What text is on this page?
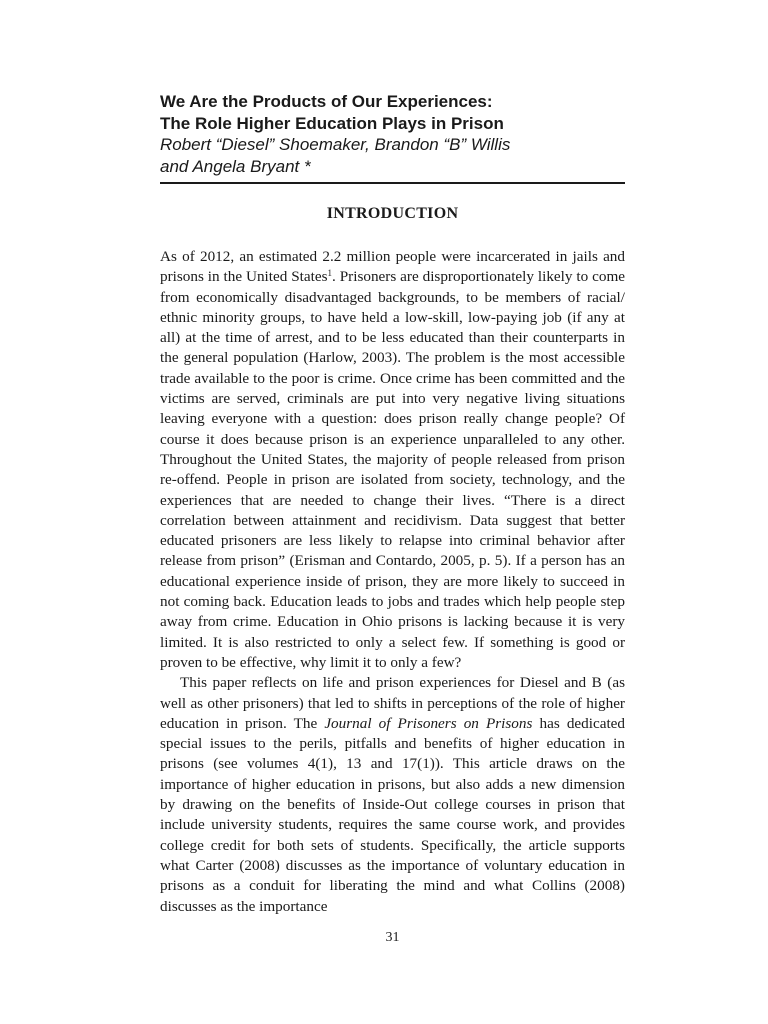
We Are the Products of Our Experiences:
The Role Higher Education Plays in Prison
Robert “Diesel” Shoemaker, Brandon “B” Willis
and Angela Bryant *
INTRODUCTION

As of 2012, an estimated 2.2 million people were incarcerated in jails and prisons in the United States$^1$. Prisoners are disproportionately likely to come from economically disadvantaged backgrounds, to be members of racial/ ethnic minority groups, to have held a low-skill, low-paying job (if any at all) at the time of arrest, and to be less educated than their counterparts in the general population (Harlow, 2003). The problem is the most accessible trade available to the poor is crime. Once crime has been committed and the victims are served, criminals are put into very negative living situations leaving everyone with a question: does prison really change people? Of course it does because prison is an experience unparalleled to any other. Throughout the United States, the majority of people released from prison re-offend. People in prison are isolated from society, technology, and the experiences that are needed to change their lives. “There is a direct correlation between attainment and recidivism. Data suggest that better educated prisoners are less likely to relapse into criminal behavior after release from prison” (Erisman and Contardo, 2005, p. 5). If a person has an educational experience inside of prison, they are more likely to succeed in not coming back. Education leads to jobs and trades which help people step away from crime. Education in Ohio prisons is lacking because it is very limited. It is also restricted to only a select few. If something is good or proven to be effective, why limit it to only a few?

This paper reflects on life and prison experiences for Diesel and B (as well as other prisoners) that led to shifts in perceptions of the role of higher education in prison. The Journal of Prisoners on Prisons has dedicated special issues to the perils, pitfalls and benefits of higher education in prisons (see volumes 4(1), 13 and 17(1)). This article draws on the importance of higher education in prisons, but also adds a new dimension by drawing on the benefits of Inside-Out college courses in prison that include university students, requires the same course work, and provides college credit for both sets of students. Specifically, the article supports what Carter (2008) discusses as the importance of voluntary education in prisons as a conduit for liberating the mind and what Collins (2008) discusses as the importance

31
